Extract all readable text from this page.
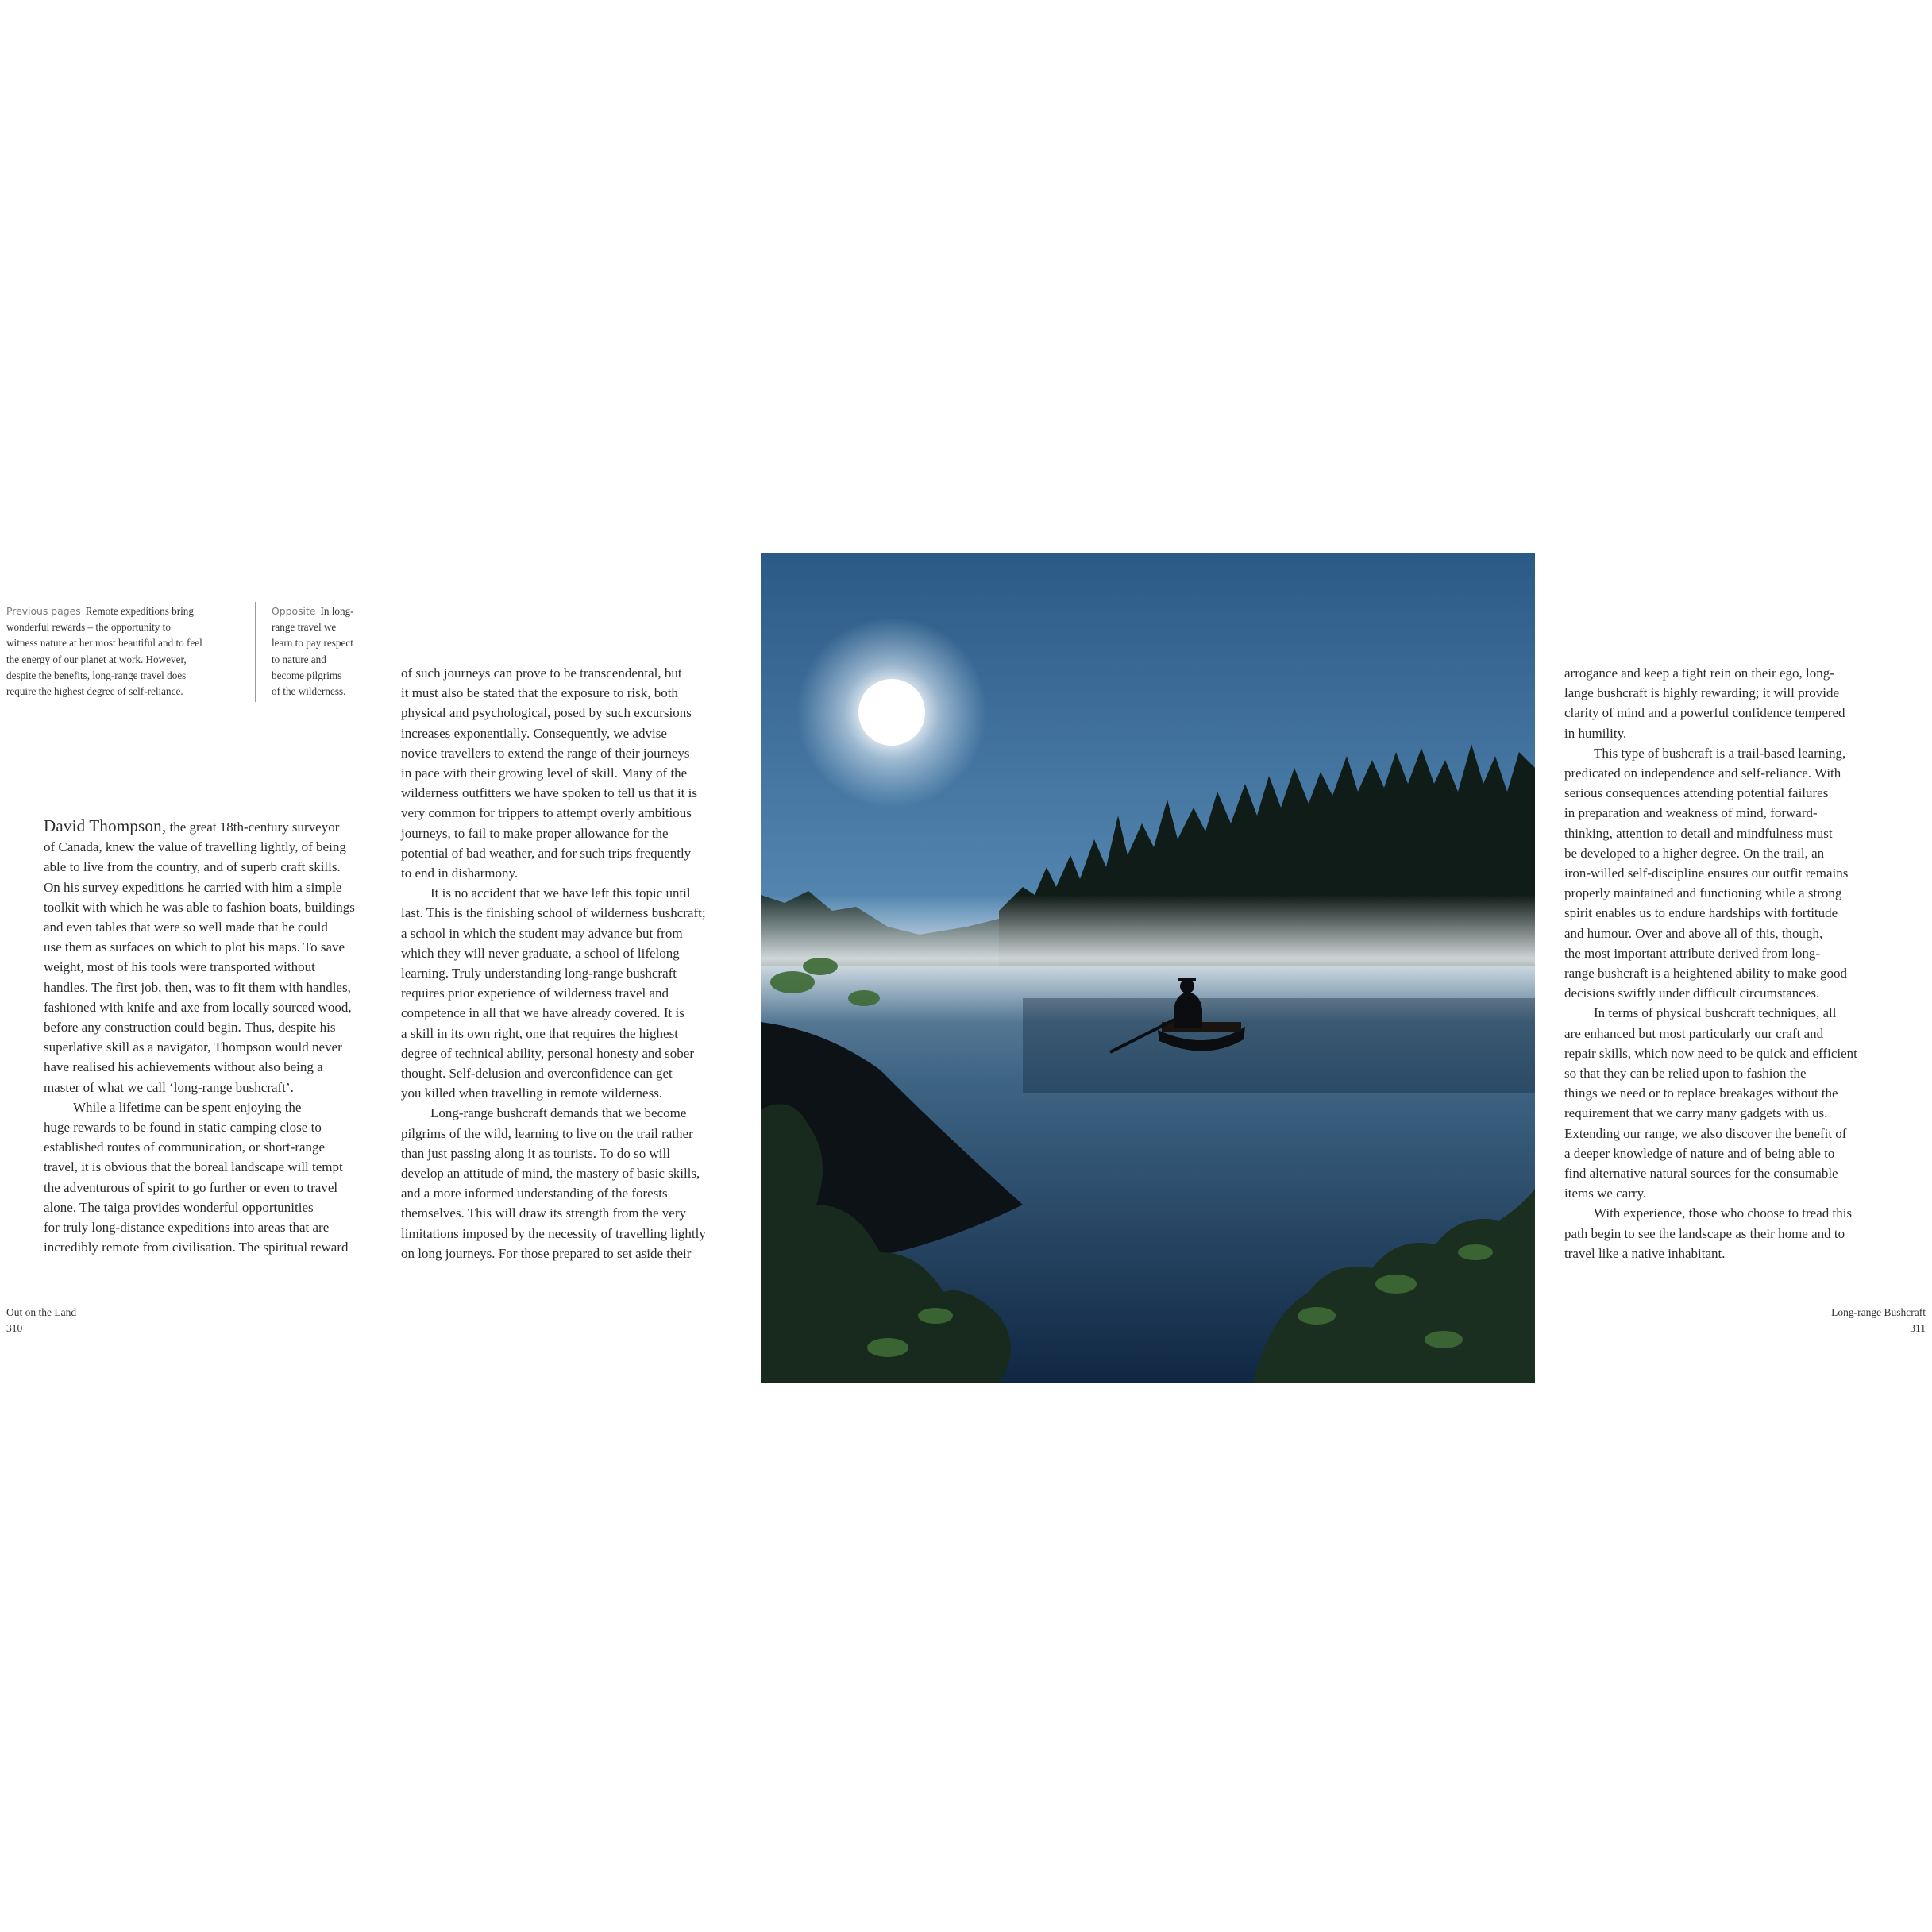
Previous pages Remote expeditions bring
wonderful rewards – the opportunity to
witness nature at her most beautiful and to feel
the energy of our planet at work. However,
despite the benefits, long-range travel does
require the highest degree of self-reliance.
Opposite In long-
range travel we
learn to pay respect
to nature and
become pilgrims
of the wilderness.
David Thompson, the great 18th-century surveyor
of Canada, knew the value of travelling lightly, of being
able to live from the country, and of superb craft skills.
On his survey expeditions he carried with him a simple
toolkit with which he was able to fashion boats, buildings
and even tables that were so well made that he could
use them as surfaces on which to plot his maps. To save
weight, most of his tools were transported without
handles. The first job, then, was to fit them with handles,
fashioned with knife and axe from locally sourced wood,
before any construction could begin. Thus, despite his
superlative skill as a navigator, Thompson would never
have realised his achievements without also being a
master of what we call ‘long-range bushcraft’.
While a lifetime can be spent enjoying the
huge rewards to be found in static camping close to
established routes of communication, or short-range
travel, it is obvious that the boreal landscape will tempt
the adventurous of spirit to go further or even to travel
alone. The taiga provides wonderful opportunities
for truly long-distance expeditions into areas that are
incredibly remote from civilisation. The spiritual reward
of such journeys can prove to be transcendental, but
it must also be stated that the exposure to risk, both
physical and psychological, posed by such excursions
increases exponentially. Consequently, we advise
novice travellers to extend the range of their journeys
in pace with their growing level of skill. Many of the
wilderness outfitters we have spoken to tell us that it is
very common for trippers to attempt overly ambitious
journeys, to fail to make proper allowance for the
potential of bad weather, and for such trips frequently
to end in disharmony.
It is no accident that we have left this topic until
last. This is the finishing school of wilderness bushcraft;
a school in which the student may advance but from
which they will never graduate, a school of lifelong
learning. Truly understanding long-range bushcraft
requires prior experience of wilderness travel and
competence in all that we have already covered. It is
a skill in its own right, one that requires the highest
degree of technical ability, personal honesty and sober
thought. Self-delusion and overconfidence can get
you killed when travelling in remote wilderness.
Long-range bushcraft demands that we become
pilgrims of the wild, learning to live on the trail rather
than just passing along it as tourists. To do so will
develop an attitude of mind, the mastery of basic skills,
and a more informed understanding of the forests
themselves. This will draw its strength from the very
limitations imposed by the necessity of travelling lightly
on long journeys. For those prepared to set aside their
arrogance and keep a tight rein on their ego, long-
lange bushcraft is highly rewarding; it will provide
clarity of mind and a powerful confidence tempered
in humility.
This type of bushcraft is a trail-based learning,
predicated on independence and self-reliance. With
serious consequences attending potential failures
in preparation and weakness of mind, forward-
thinking, attention to detail and mindfulness must
be developed to a higher degree. On the trail, an
iron-willed self-discipline ensures our outfit remains
properly maintained and functioning while a strong
spirit enables us to endure hardships with fortitude
and humour. Over and above all of this, though,
the most important attribute derived from long-
range bushcraft is a heightened ability to make good
decisions swiftly under difficult circumstances.
In terms of physical bushcraft techniques, all
are enhanced but most particularly our craft and
repair skills, which now need to be quick and efficient
so that they can be relied upon to fashion the
things we need or to replace breakages without the
requirement that we carry many gadgets with us.
Extending our range, we also discover the benefit of
a deeper knowledge of nature and of being able to
find alternative natural sources for the consumable
items we carry.
With experience, those who choose to tread this
path begin to see the landscape as their home and to
travel like a native inhabitant.
Out on the Land
310
Long-range Bushcraft
311
